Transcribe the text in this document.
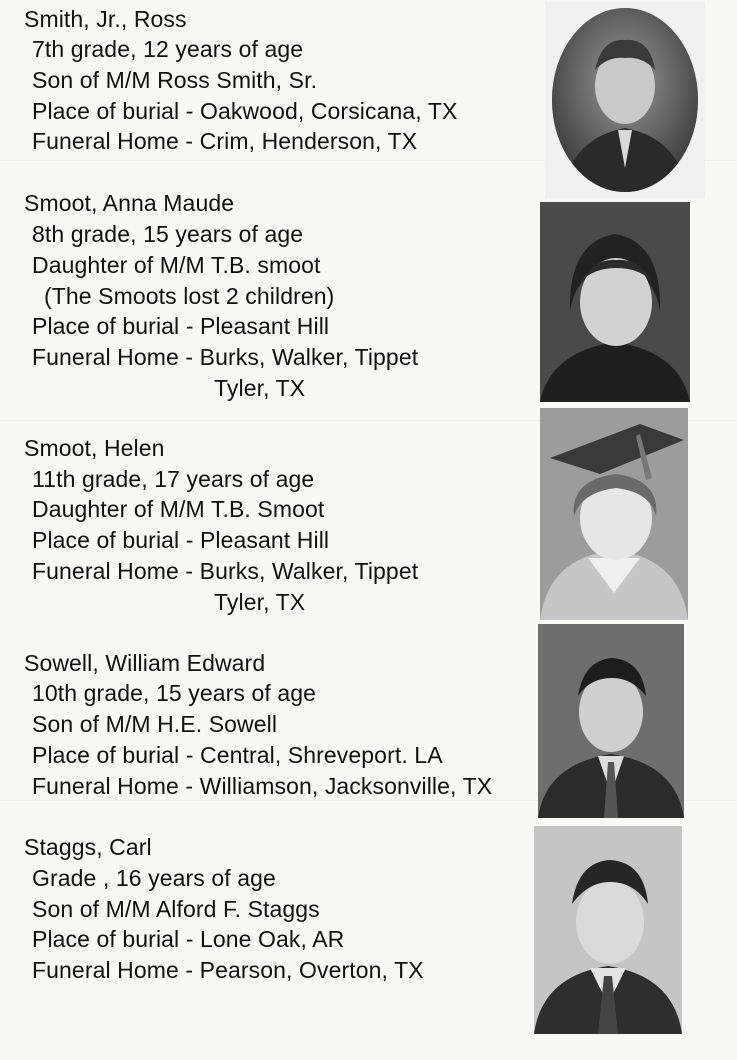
Smith, Jr., Ross
7th grade, 12 years of age
Son of M/M Ross Smith, Sr.
Place of burial - Oakwood, Corsicana, TX
Funeral Home - Crim, Henderson, TX
Smoot, Anna Maude
8th grade, 15 years of age
Daughter of M/M T.B. smoot
(The Smoots lost 2 children)
Place of burial - Pleasant Hill
Funeral Home - Burks, Walker, Tippet
Tyler, TX
Smoot, Helen
11th grade, 17 years of age
Daughter of M/M T.B. Smoot
Place of burial - Pleasant Hill
Funeral Home - Burks, Walker, Tippet
Tyler, TX
Sowell, William Edward
10th grade, 15 years of age
Son of M/M H.E. Sowell
Place of burial - Central, Shreveport. LA
Funeral Home - Williamson, Jacksonville, TX
Staggs, Carl
Grade , 16 years of age
Son of M/M Alford F. Staggs
Place of burial - Lone Oak, AR
Funeral Home - Pearson, Overton, TX
